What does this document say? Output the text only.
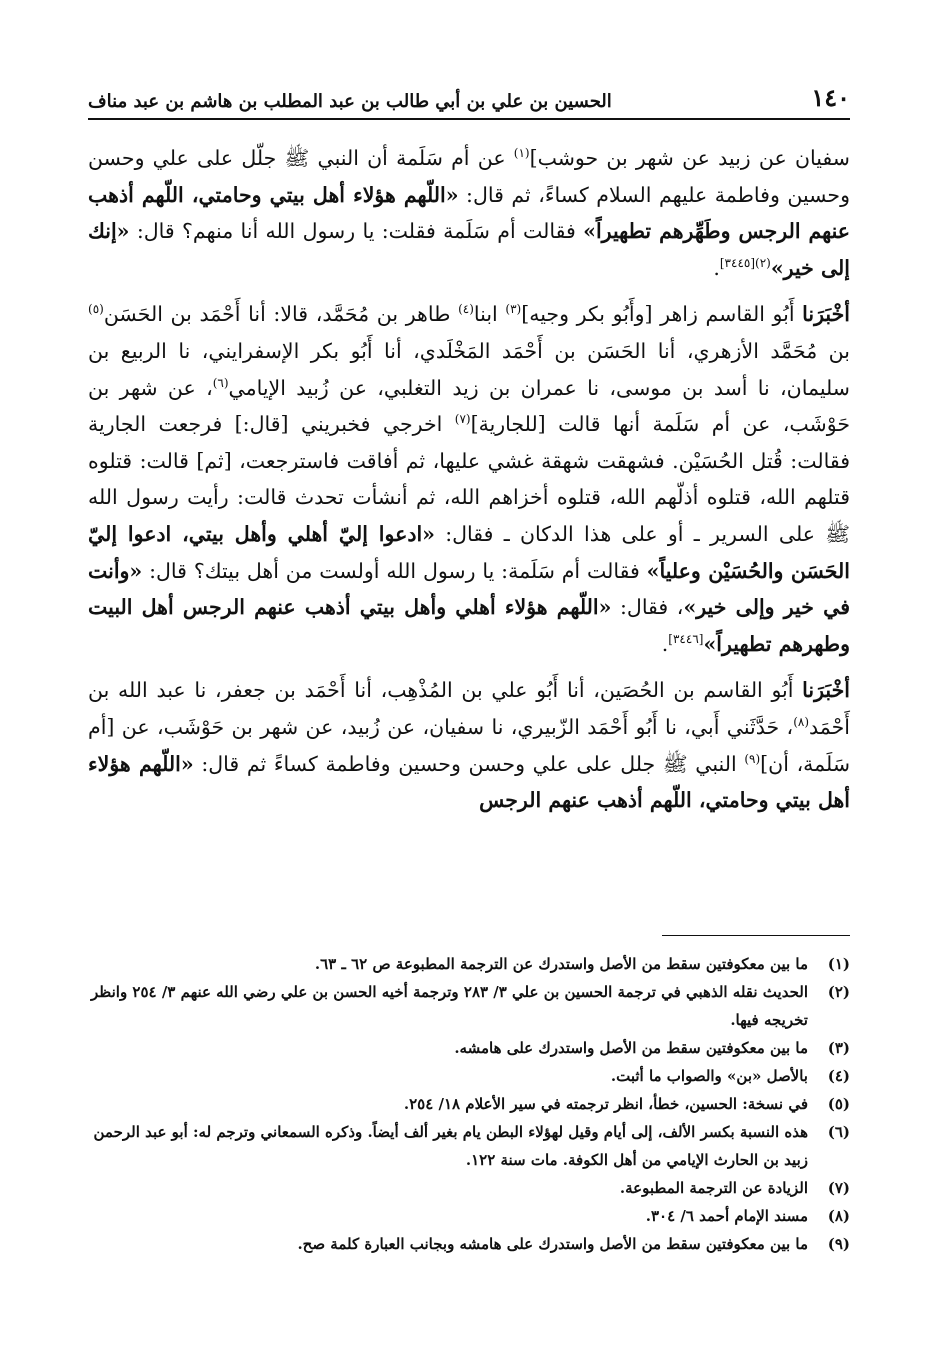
١٤٠
الحسين بن علي بن أبي طالب بن عبد المطلب بن هاشم بن عبد مناف

سفيان عن زبيد عن شهر بن حوشب]$^{(١)}$ عن أم سَلَمة أن النبي ﷺ جلّل على علي وحسن وحسين وفاطمة عليهم السلام كساءً، ثم قال: «اللّهم هؤلاء أهل بيتي وحامتي، اللّهم أذهب عنهم الرجس وطَهِّرهم تطهيراً» فقالت أم سَلَمة فقلت: يا رسول الله أنا منهم؟ قال: «إنك إلى خير»$^{(٢)[٣٤٤٥]}$.

أخْبَرَنا أَبُو القاسم زاهر [وأَبُو بكر وجيه]$^{(٣)}$ ابنا$^{(٤)}$ طاهر بن مُحَمَّد، قالا: أنا أَحْمَد بن الحَسَن$^{(٥)}$ بن مُحَمَّد الأزهري، أنا الحَسَن بن أَحْمَد المَخْلَدي، أنا أَبُو بكر الإسفرايني، نا الربيع بن سليمان، نا أسد بن موسى، نا عمران بن زيد التغلبي، عن زُبيد الإيامي$^{(٦)}$، عن شهر بن حَوْشَب، عن أم سَلَمة أنها قالت [للجارية]$^{(٧)}$ اخرجي فخبريني [قال:] فرجعت الجارية فقالت: قُتل الحُسَيْن. فشهقت شهقة غشي عليها، ثم أفاقت فاسترجعت، [ثم] قالت: قتلوه قتلهم الله، قتلوه أذلّهم الله، قتلوه أخزاهم الله، ثم أنشأت تحدث قالت: رأيت رسول الله ﷺ على السرير ـ أو على هذا الدكان ـ فقال: «ادعوا إليّ أهلي وأهل بيتي، ادعوا إليّ الحَسَن والحُسَيْن وعلياً» فقالت أم سَلَمة: يا رسول الله أولست من أهل بيتك؟ قال: «وأنت في خير وإلى خير»، فقال: «اللّهم هؤلاء أهلي وأهل بيتي أذهب عنهم الرجس أهل البيت وطهرهم تطهيراً»[٣٤٤٦].

أخْبَرَنا أَبُو القاسم بن الحُصَين، أنا أَبُو علي بن المُذْهِب، أنا أَحْمَد بن جعفر، نا عبد الله بن أَحْمَد$^{(٨)}$، حَدَّثَني أَبي، نا أَبُو أَحْمَد الزّبيري، نا سفيان، عن زُبيد، عن شهر بن حَوْشَب، عن [أم سَلَمة، أن]$^{(٩)}$ النبي ﷺ جلل على علي وحسن وحسين وفاطمة كساءً ثم قال: «اللّهم هؤلاء أهل بيتي وحامتي، اللّهم أذهب عنهم الرجس

(١)
ما بين معكوفتين سقط من الأصل واستدرك عن الترجمة المطبوعة ص ٦٢ ـ ٦٣.
(٢)
الحديث نقله الذهبي في ترجمة الحسين بن علي ٣/ ٢٨٣ وترجمة أخيه الحسن بن علي رضي الله عنهم ٣/ ٢٥٤ وانظر تخريجه فيها.
(٣)
ما بين معكوفتين سقط من الأصل واستدرك على هامشه.
(٤)
بالأصل «بن» والصواب ما أثبت.
(٥)
في نسخة: الحسين، خطأ، انظر ترجمته في سير الأعلام ١٨/ ٢٥٤.
(٦)
هذه النسبة بكسر الألف، إلى أيام وقيل لهؤلاء البطن يام بغير ألف أيضاً. وذكره السمعاني وترجم له: أبو عبد الرحمن زبيد بن الحارث الإيامي من أهل الكوفة. مات سنة ١٢٢.
(٧)
الزيادة عن الترجمة المطبوعة.
(٨)
مسند الإمام أحمد ٦/ ٣٠٤.
(٩)
ما بين معكوفتين سقط من الأصل واستدرك على هامشه وبجانب العبارة كلمة صح.
